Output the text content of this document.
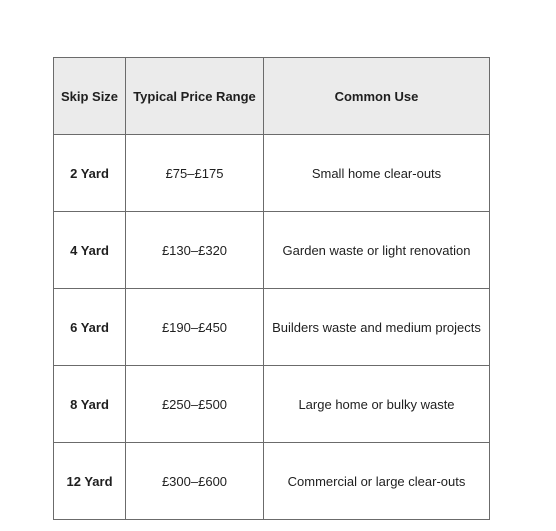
Skip Size	Typical Price Range	Common Use
2 Yard	£75–£175	Small home clear-outs
4 Yard	£130–£320	Garden waste or light renovation
6 Yard	£190–£450	Builders waste and medium projects
8 Yard	£250–£500	Large home or bulky waste
12 Yard	£300–£600	Commercial or large clear-outs
